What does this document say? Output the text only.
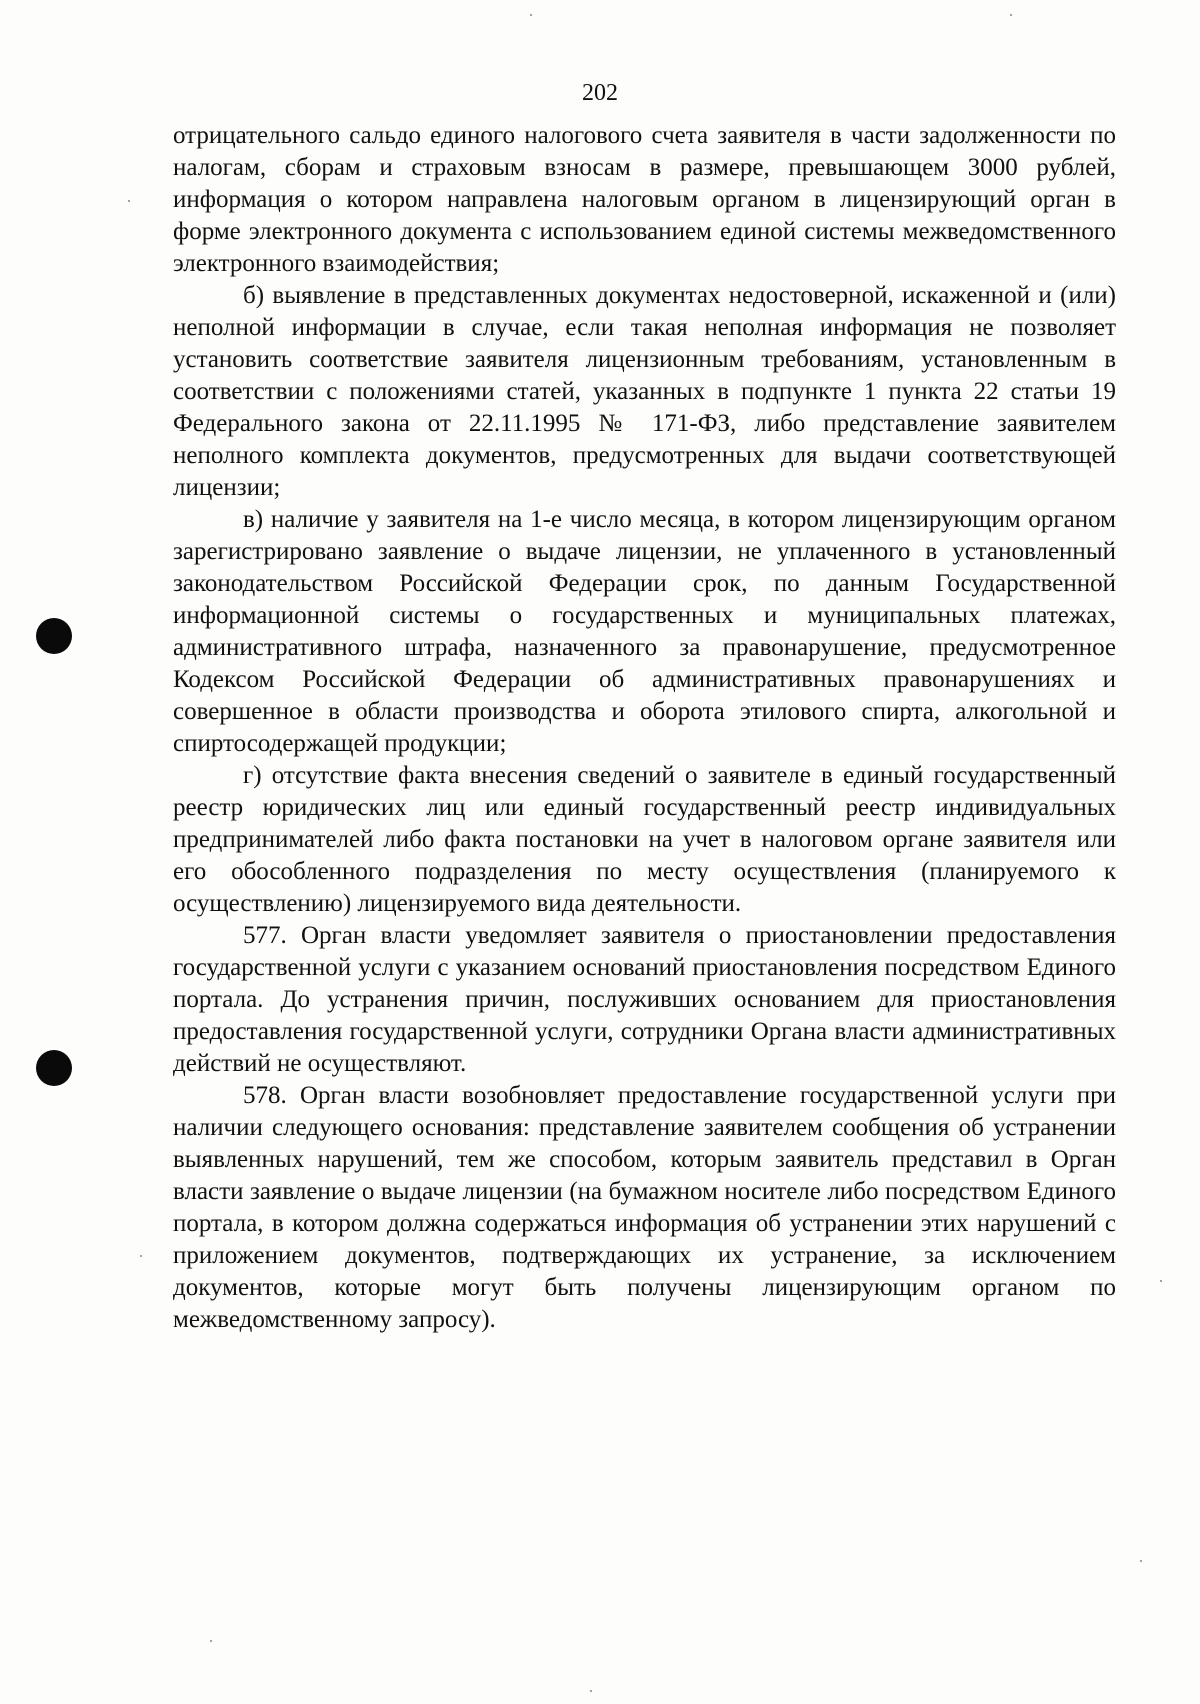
202

отрицательного сальдо единого налогового счета заявителя в части задолженности по налогам, сборам и страховым взносам в размере, превышающем 3000 рублей, информация о котором направлена налоговым органом в лицензирующий орган в форме электронного документа с использованием единой системы межведомственного электронного взаимодействия;

б) выявление в представленных документах недостоверной, искаженной и (или) неполной информации в случае, если такая неполная информация не позволяет установить соответствие заявителя лицензионным требованиям, установленным в соответствии с положениями статей, указанных в подпункте 1 пункта 22 статьи 19 Федерального закона от 22.11.1995 № 171-ФЗ, либо представление заявителем неполного комплекта документов, предусмотренных для выдачи соответствующей лицензии;

в) наличие у заявителя на 1-е число месяца, в котором лицензирующим органом зарегистрировано заявление о выдаче лицензии, не уплаченного в установленный законодательством Российской Федерации срок, по данным Государственной информационной системы о государственных и муниципальных платежах, административного штрафа, назначенного за правонарушение, предусмотренное Кодексом Российской Федерации об административных правонарушениях и совершенное в области производства и оборота этилового спирта, алкогольной и спиртосодержащей продукции;

г) отсутствие факта внесения сведений о заявителе в единый государственный реестр юридических лиц или единый государственный реестр индивидуальных предпринимателей либо факта постановки на учет в налоговом органе заявителя или его обособленного подразделения по месту осуществления (планируемого к осуществлению) лицензируемого вида деятельности.

577. Орган власти уведомляет заявителя о приостановлении предоставления государственной услуги с указанием оснований приостановления посредством Единого портала. До устранения причин, послуживших основанием для приостановления предоставления государственной услуги, сотрудники Органа власти административных действий не осуществляют.

578. Орган власти возобновляет предоставление государственной услуги при наличии следующего основания: представление заявителем сообщения об устранении выявленных нарушений, тем же способом, которым заявитель представил в Орган власти заявление о выдаче лицензии (на бумажном носителе либо посредством Единого портала, в котором должна содержаться информация об устранении этих нарушений с приложением документов, подтверждающих их устранение, за исключением документов, которые могут быть получены лицензирующим органом по межведомственному запросу).
